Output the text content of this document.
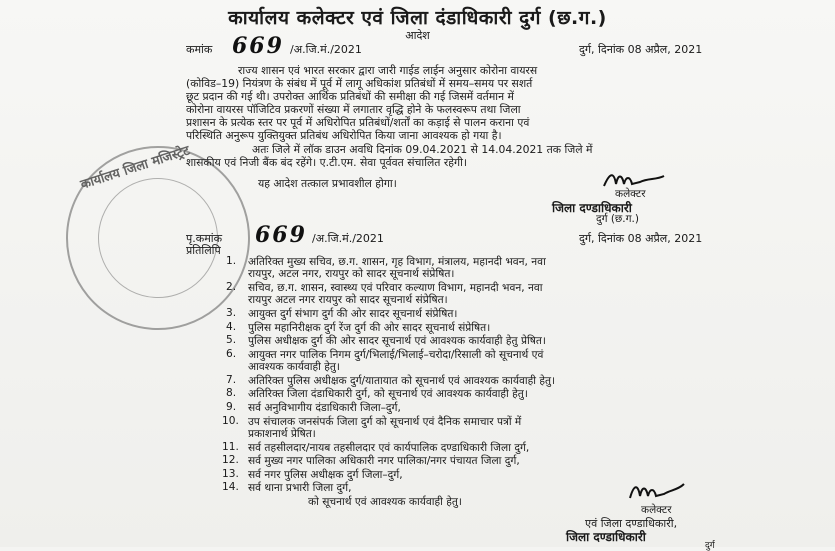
कार्यालय कलेक्टर एवं जिला दंडाधिकारी दुर्ग (छ.ग.)
आदेश
कमांक 669 /अ.जि.मं./2021	दुर्ग, दिनांक 08 अप्रैल, 2021
राज्य शासन एवं भारत सरकार द्वारा जारी गाईड लाईन अनुसार कोरोना वायरस
(कोविड–19) नियंत्रण के संबंध में पूर्व में लागू अधिकांश प्रतिबंधों में समय–समय पर सशर्त
छूट प्रदान की गई थी। उपरोक्त आर्थिक प्रतिबंधों की समीक्षा की गई जिसमें वर्तमान में
कोरोना वायरस पॉजिटिव प्रकरणों संख्या में लगातार वृद्धि होने के फलस्वरूप तथा जिला
प्रशासन के प्रत्येक स्तर पर पूर्व में अधिरोपित प्रतिबंधों/शर्तों का कड़ाई से पालन कराना एवं
परिस्थिति अनुरूप युक्तियुक्त प्रतिबंध अधिरोपित किया जाना आवश्यक हो गया है।
अतः जिले में लॉक डाउन अवधि दिनांक 09.04.2021 से 14.04.2021 तक जिले में
शासकीय एवं निजी बैंक बंद रहेंगे। ए.टी.एम. सेवा पूर्ववत संचालित रहेगी।
यह आदेश तत्काल प्रभावशील होगा।
कलेक्टर
जिला दण्डाधिकारी
दुर्ग (छ.ग.)
कार्यालय जिला मजिस्ट्रेट
पृ.कमांक 669 /अ.जि.मं./2021	दुर्ग, दिनांक 08 अप्रैल, 2021
प्रतिलिपि
1. अतिरिक्त मुख्य सचिव, छ.ग. शासन, गृह विभाग, मंत्रालय, महानदी भवन, नवा
रायपुर, अटल नगर, रायपुर को सादर सूचनार्थ संप्रेषित।
2. सचिव, छ.ग. शासन, स्वास्थ्य एवं परिवार कल्याण विभाग, महानदी भवन, नवा
रायपुर अटल नगर रायपुर को सादर सूचनार्थ संप्रेषित।
3. आयुक्त दुर्ग संभाग दुर्ग की ओर सादर सूचनार्थ संप्रेषित।
4. पुलिस महानिरीक्षक दुर्ग रेंज दुर्ग की ओर सादर सूचनार्थ संप्रेषित।
5. पुलिस अधीक्षक दुर्ग की ओर सादर सूचनार्थ एवं आवश्यक कार्यवाही हेतु प्रेषित।
6. आयुक्त नगर पालिक निगम दुर्ग/भिलाई/भिलाई–चरोदा/रिसाली को सूचनार्थ एवं
आवश्यक कार्यवाही हेतु।
7. अतिरिक्त पुलिस अधीक्षक दुर्ग/यातायात को सूचनार्थ एवं आवश्यक कार्यवाही हेतु।
8. अतिरिक्त जिला दंडाधिकारी दुर्ग, को सूचनार्थ एवं आवश्यक कार्यवाही हेतु।
9. सर्व अनुविभागीय दंडाधिकारी जिला–दुर्ग,
10. उप संचालक जनसंपर्क जिला दुर्ग को सूचनार्थ एवं दैनिक समाचार पत्रों में
प्रकाशनार्थ प्रेषित।
11. सर्व तहसीलदार/नायब तहसीलदार एवं कार्यपालिक दण्डाधिकारी जिला दुर्ग,
12. सर्व मुख्य नगर पालिका अधिकारी नगर पालिका/नगर पंचायत जिला दुर्ग,
13. सर्व नगर पुलिस अधीक्षक दुर्ग जिला–दुर्ग,
14. सर्व थाना प्रभारी जिला दुर्ग,
को सूचनार्थ एवं आवश्यक कार्यवाही हेतु।
कलेक्टर
एवं जिला दण्डाधिकारी,
जिला दण्डाधिकारी
दुर्ग
